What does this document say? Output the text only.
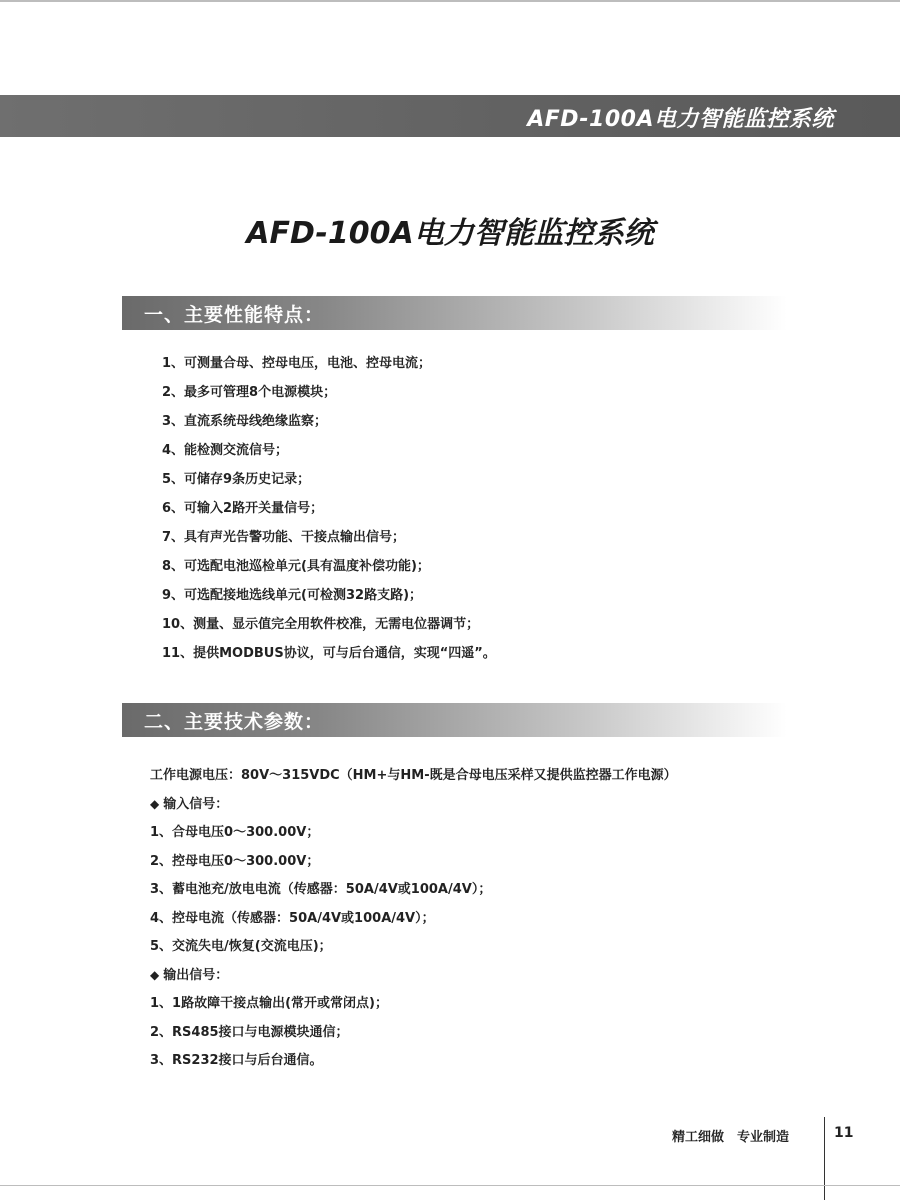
AFD-100A电力智能监控系统
AFD-100A电力智能监控系统
一、主要性能特点：
1、可测量合母、控母电压，电池、控母电流；
2、最多可管理8个电源模块；
3、直流系统母线绝缘监察；
4、能检测交流信号；
5、可储存9条历史记录；
6、可输入2路开关量信号；
7、具有声光告警功能、干接点输出信号；
8、可选配电池巡检单元(具有温度补偿功能)；
9、可选配接地选线单元(可检测32路支路)；
10、测量、显示值完全用软件校准，无需电位器调节；
11、提供MODBUS协议，可与后台通信，实现“四遥”。
二、主要技术参数：
工作电源电压：80V～315VDC（HM+与HM-既是合母电压采样又提供监控器工作电源）
◆ 输入信号：
1、合母电压0～300.00V；
2、控母电压0～300.00V；
3、蓄电池充/放电电流（传感器：50A/4V或100A/4V）；
4、控母电流（传感器：50A/4V或100A/4V）；
5、交流失电/恢复(交流电压)；
◆ 输出信号：
1、1路故障干接点输出(常开或常闭点)；
2、RS485接口与电源模块通信；
3、RS232接口与后台通信。
精工细做　专业制造	11
